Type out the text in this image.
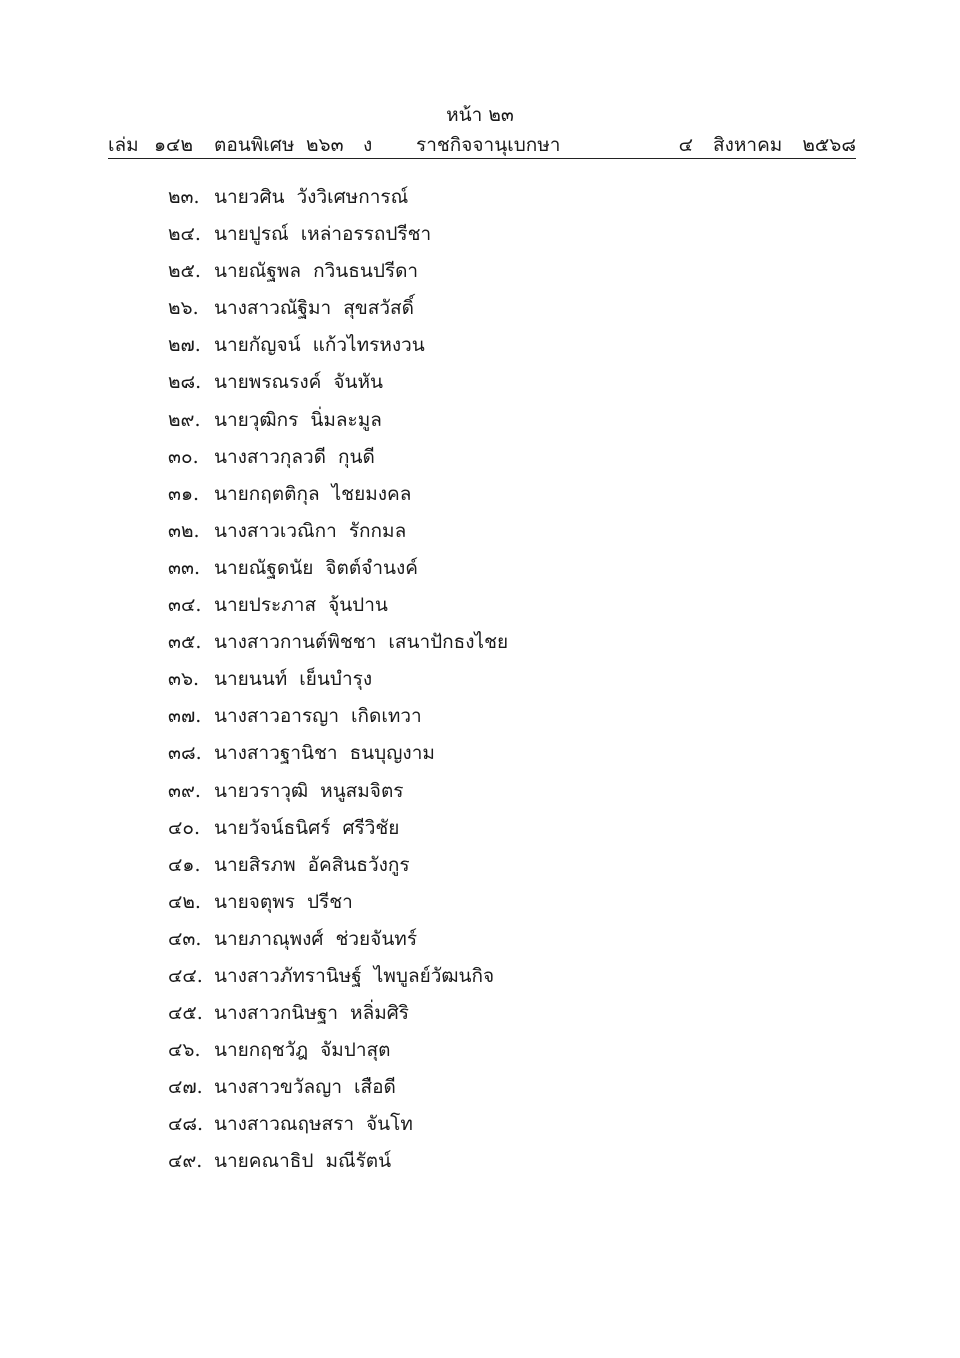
หน้า ๒๓
เล่ม ๑๔๒ ตอนพิเศษ ๒๖๓ ง ราชกิจจานุเบกษา	๔ สิงหาคม ๒๕๖๘
๒๓. นายวศิน วังวิเศษการณ์
๒๔. นายปูรณ์ เหล่าอรรถปรีชา
๒๕. นายณัฐพล กวินธนปรีดา
๒๖. นางสาวณัฐิมา สุขสวัสดิ์
๒๗. นายกัญจน์ แก้วไทรหงวน
๒๘. นายพรณรงค์ จันหัน
๒๙. นายวุฒิกร นิ่มละมูล
๓๐. นางสาวกุลวดี กุนดี
๓๑. นายกฤตติกุล ไชยมงคล
๓๒. นางสาวเวณิกา รักกมล
๓๓. นายณัฐดนัย จิตต์จำนงค์
๓๔. นายประภาส จุ้นปาน
๓๕. นางสาวกานต์พิชชา เสนาปักธงไชย
๓๖. นายนนท์ เย็นบำรุง
๓๗. นางสาวอารญา เกิดเทวา
๓๘. นางสาวฐานิชา ธนบุญงาม
๓๙. นายวราวุฒิ หนูสมจิตร
๔๐. นายวัจน์ธนิศร์ ศรีวิชัย
๔๑. นายสิรภพ อัคสินธวังกูร
๔๒. นายจตุพร ปรีชา
๔๓. นายภาณุพงศ์ ช่วยจันทร์
๔๔. นางสาวภัทรานิษฐ์ ไพบูลย์วัฒนกิจ
๔๕. นางสาวกนิษฐา หลิ่มศิริ
๔๖. นายกฤชวัฎ จัมปาสุต
๔๗. นางสาวขวัลญา เสือดี
๔๘. นางสาวณฤษสรา จันโท
๔๙. นายคณาธิป มณีรัตน์
